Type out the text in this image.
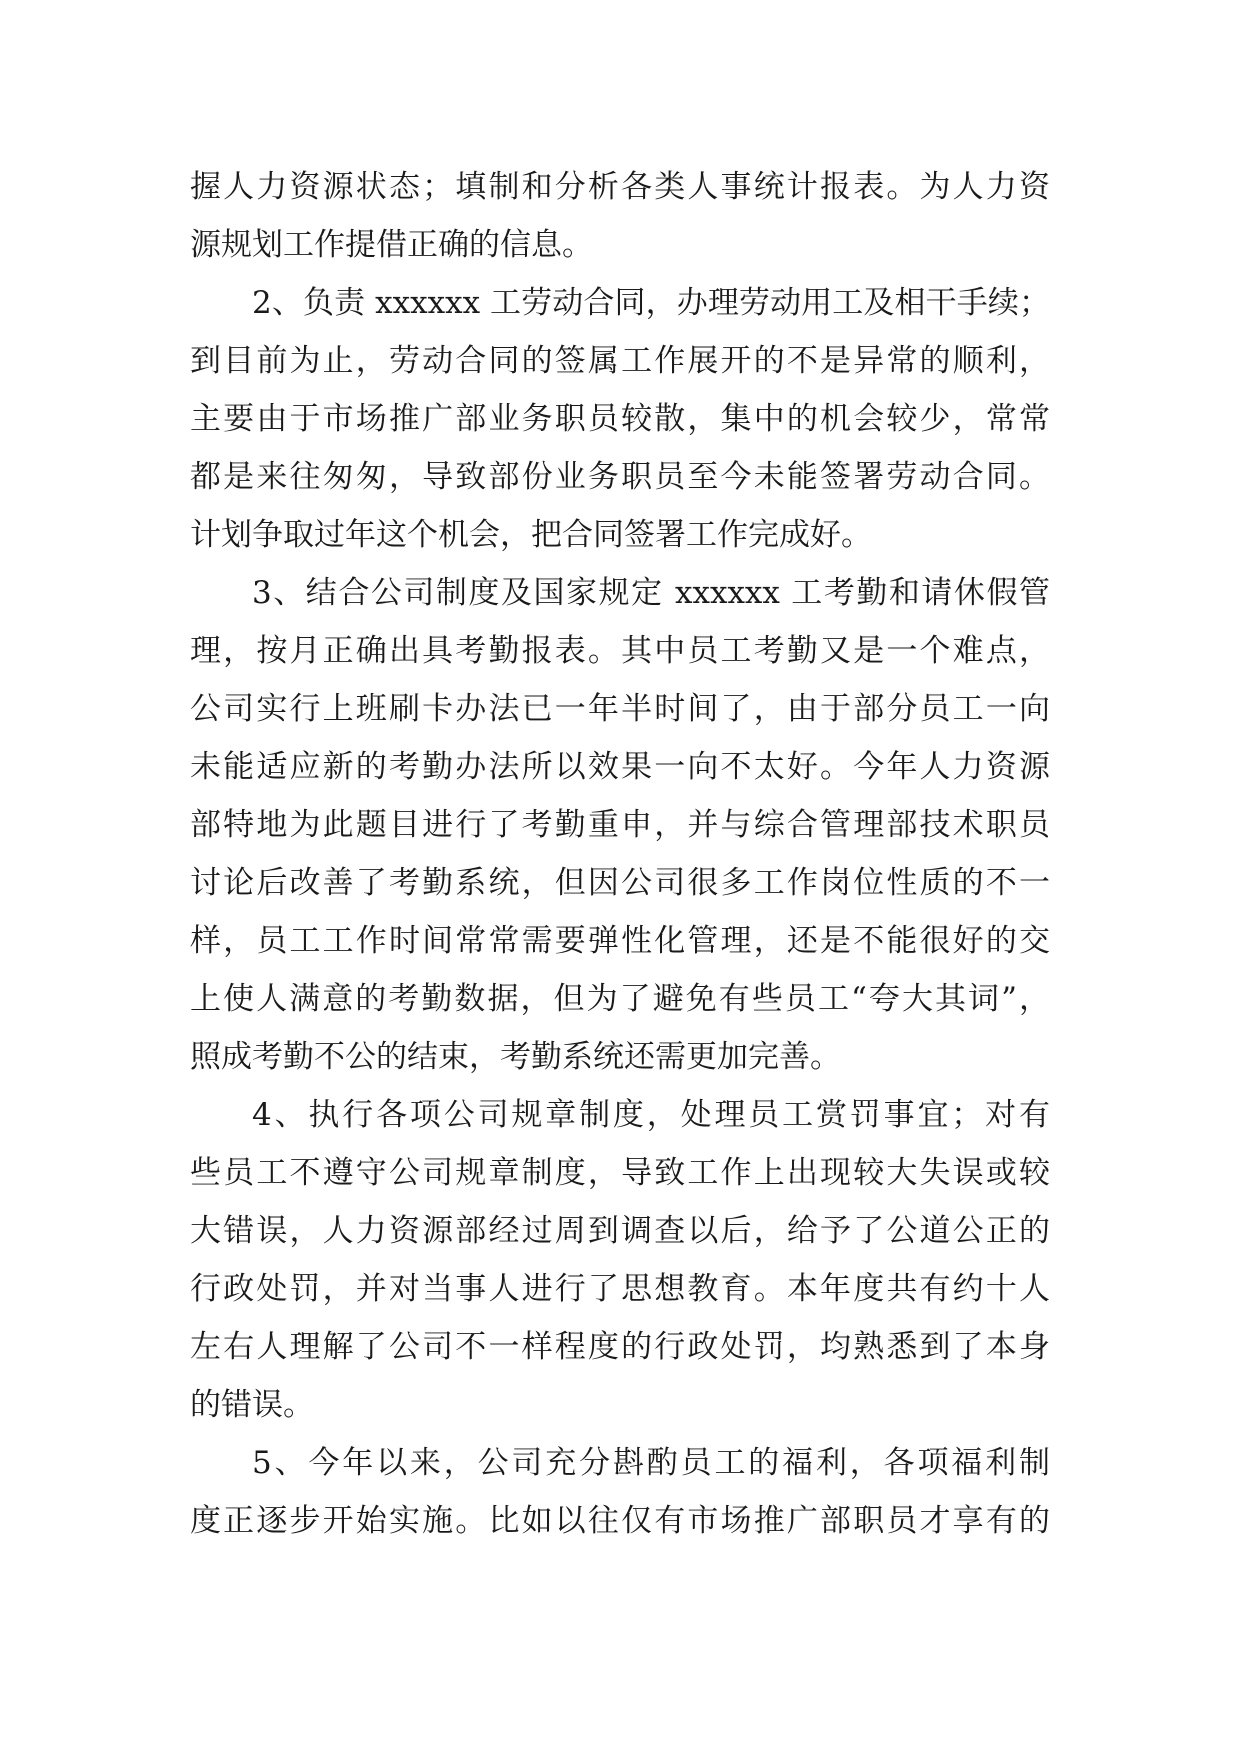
握人力资源状态；填制和分析各类人事统计报表。为人力资
源规划工作提借正确的信息。
2、负责 xxxxxx 工劳动合同，办理劳动用工及相干手续；
到目前为止，劳动合同的签属工作展开的不是异常的顺利，
主要由于市场推广部业务职员较散，集中的机会较少，常常
都是来往匆匆，导致部份业务职员至今未能签署劳动合同。
计划争取过年这个机会，把合同签署工作完成好。
3、结合公司制度及国家规定 xxxxxx 工考勤和请休假管
理，按月正确出具考勤报表。其中员工考勤又是一个难点，
公司实行上班刷卡办法已一年半时间了，由于部分员工一向
未能适应新的考勤办法所以效果一向不太好。今年人力资源
部特地为此题目进行了考勤重申，并与综合管理部技术职员
讨论后改善了考勤系统，但因公司很多工作岗位性质的不一
样，员工工作时间常常需要弹性化管理，还是不能很好的交
上使人满意的考勤数据，但为了避免有些员工“夸大其词”，
照成考勤不公的结束，考勤系统还需更加完善。
4、执行各项公司规章制度，处理员工赏罚事宜；对有
些员工不遵守公司规章制度，导致工作上出现较大失误或较
大错误，人力资源部经过周到调查以后，给予了公道公正的
行政处罚，并对当事人进行了思想教育。本年度共有约十人
左右人理解了公司不一样程度的行政处罚，均熟悉到了本身
的错误。
5、今年以来，公司充分斟酌员工的福利，各项福利制
度正逐步开始实施。比如以往仅有市场推广部职员才享有的
